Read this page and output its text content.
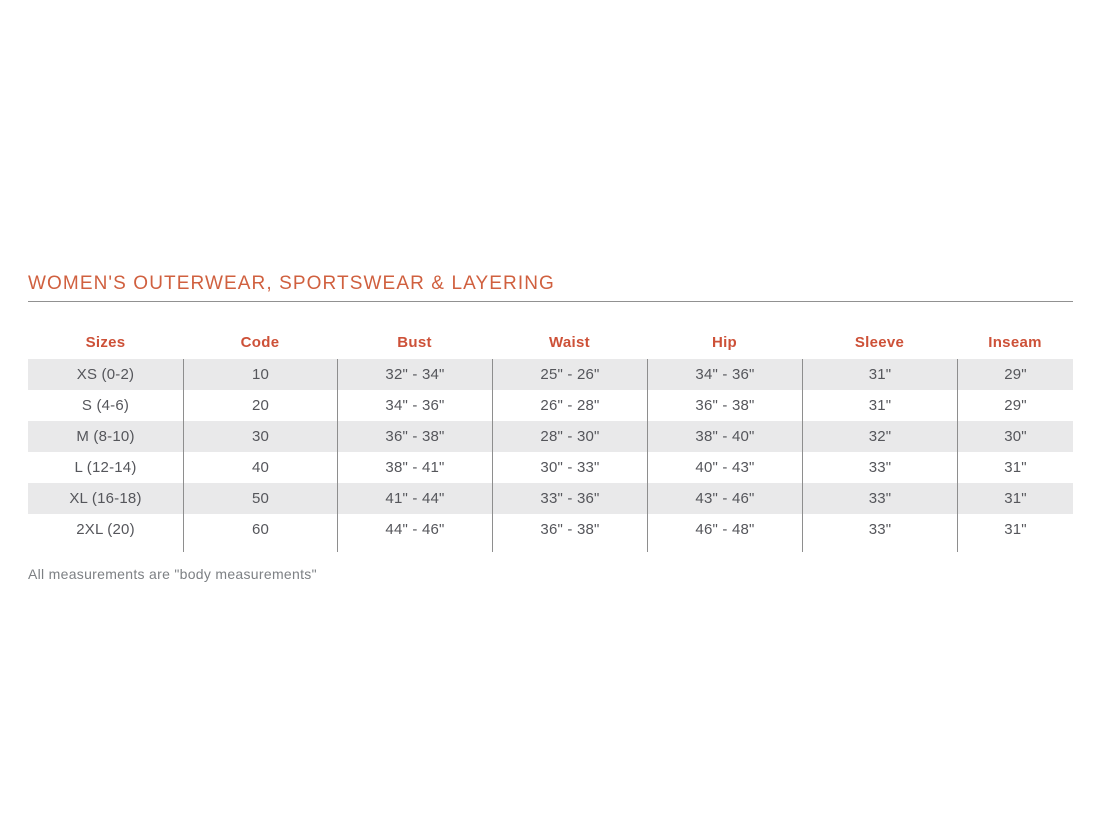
WOMEN'S OUTERWEAR, SPORTSWEAR & LAYERING
Sizes	Code	Bust	Waist	Hip	Sleeve	Inseam
XS (0-2)	10	32" - 34"	25" - 26"	34" - 36"	31"	29"
S (4-6)	20	34" - 36"	26" - 28"	36" - 38"	31"	29"
M (8-10)	30	36" - 38"	28" - 30"	38" - 40"	32"	30"
L (12-14)	40	38" - 41"	30" - 33"	40" - 43"	33"	31"
XL (16-18)	50	41" - 44"	33" - 36"	43" - 46"	33"	31"
2XL (20)	60	44" - 46"	36" - 38"	46" - 48"	33"	31"
All measurements are "body measurements"
